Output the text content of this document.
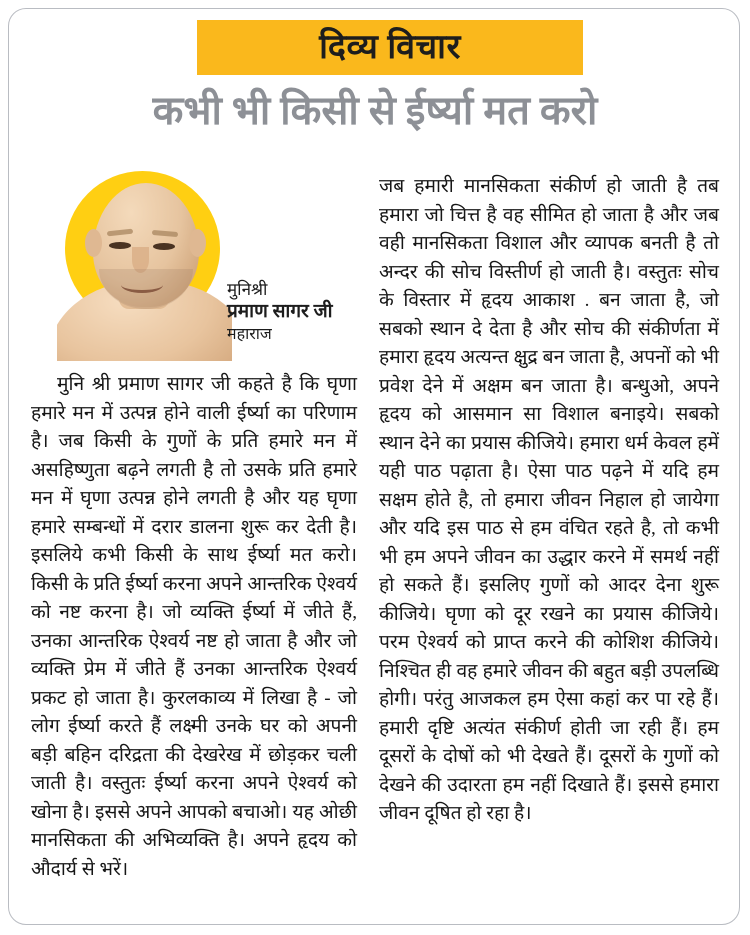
दिव्य विचार
कभी भी किसी से ईर्ष्या मत करो
मुनिश्री
प्रमाण सागर जी
महाराज

मुनि श्री प्रमाण सागर जी कहते है कि घृणा हमारे मन में उत्पन्न होने वाली ईर्ष्या का परिणाम है। जब किसी के गुणों के प्रति हमारे मन में असहिष्णुता बढ़ने लगती है तो उसके प्रति हमारे मन में घृणा उत्पन्न होने लगती है और यह घृणा हमारे सम्बन्धों में दरार डालना शुरू कर देती है। इसलिये कभी किसी के साथ ईर्ष्या मत करो। किसी के प्रति ईर्ष्या करना अपने आन्तरिक ऐश्वर्य को नष्ट करना है। जो व्यक्ति ईर्ष्या में जीते हैं, उनका आन्तरिक ऐश्वर्य नष्ट हो जाता है और जो व्यक्ति प्रेम में जीते हैं उनका आन्तरिक ऐश्वर्य प्रकट हो जाता है। कुरलकाव्य में लिखा है - जो लोग ईर्ष्या करते हैं लक्ष्मी उनके घर को अपनी बड़ी बहिन दरिद्रता की देखरेख में छोड़कर चली जाती है। वस्तुतः ईर्ष्या करना अपने ऐश्वर्य को खोना है। इससे अपने आपको बचाओ। यह ओछी मानसिकता की अभिव्यक्ति है। अपने हृदय को औदार्य से भरें।

जब हमारी मानसिकता संकीर्ण हो जाती है तब हमारा जो चित्त है वह सीमित हो जाता है और जब वही मानसिकता विशाल और व्यापक बनती है तो अन्दर की सोच विस्तीर्ण हो जाती है। वस्तुतः सोच के विस्तार में हृदय आकाश . बन जाता है, जो सबको स्थान दे देता है और सोच की संकीर्णता में हमारा हृदय अत्यन्त क्षुद्र बन जाता है, अपनों को भी प्रवेश देने में अक्षम बन जाता है। बन्धुओ, अपने हृदय को आसमान सा विशाल बनाइये। सबको स्थान देने का प्रयास कीजिये। हमारा धर्म केवल हमें यही पाठ पढ़ाता है। ऐसा पाठ पढ़ने में यदि हम सक्षम होते है, तो हमारा जीवन निहाल हो जायेगा और यदि इस पाठ से हम वंचित रहते है, तो कभी भी हम अपने जीवन का उद्धार करने में समर्थ नहीं हो सकते हैं। इसलिए गुणों को आदर देना शुरू कीजिये। घृणा को दूर रखने का प्रयास कीजिये। परम ऐश्वर्य को प्राप्त करने की कोशिश कीजिये। निश्चित ही वह हमारे जीवन की बहुत बड़ी उपलब्धि होगी। परंतु आजकल हम ऐसा कहां कर पा रहे हैं। हमारी दृष्टि अत्यंत संकीर्ण होती जा रही हैं। हम दूसरों के दोषों को भी देखते हैं। दूसरों के गुणों को देखने की उदारता हम नहीं दिखाते हैं। इससे हमारा जीवन दूषित हो रहा है।
